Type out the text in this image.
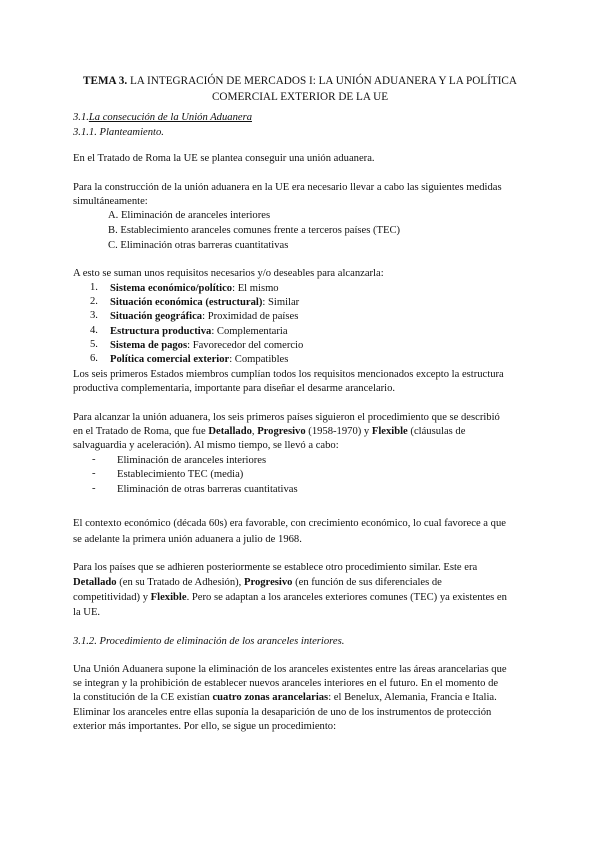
TEMA 3. LA INTEGRACIÓN DE MERCADOS I: LA UNIÓN ADUANERA Y LA POLÍTICA
COMERCIAL EXTERIOR DE LA UE
3.1.La consecución de la Unión Aduanera
3.1.1. Planteamiento.
En el Tratado de Roma la UE se plantea conseguir una unión aduanera.
Para la construcción de la unión aduanera en la UE era necesario llevar a cabo las siguientes medidas
simultáneamente:
A. Eliminación de aranceles interiores
B. Establecimiento aranceles comunes frente a terceros países (TEC)
C. Eliminación otras barreras cuantitativas
A esto se suman unos requisitos necesarios y/o deseables para alcanzarla:
1. Sistema económico/político: El mismo
2. Situación económica (estructural): Similar
3. Situación geográfica: Proximidad de países
4. Estructura productiva: Complementaria
5. Sistema de pagos: Favorecedor del comercio
6. Política comercial exterior: Compatibles
Los seis primeros Estados miembros cumplían todos los requisitos mencionados excepto la estructura
productiva complementaria, importante para diseñar el desarme arancelario.
Para alcanzar la unión aduanera, los seis primeros países siguieron el procedimiento que se describió
en el Tratado de Roma, que fue Detallado, Progresivo (1958-1970) y Flexible (cláusulas de
salvaguardia y aceleración). Al mismo tiempo, se llevó a cabo:
- Eliminación de aranceles interiores
- Establecimiento TEC (media)
- Eliminación de otras barreras cuantitativas
El contexto económico (década 60s) era favorable, con crecimiento económico, lo cual favorece a que
se adelante la primera unión aduanera a julio de 1968.
Para los países que se adhieren posteriormente se establece otro procedimiento similar. Este era
Detallado (en su Tratado de Adhesión), Progresivo (en función de sus diferenciales de
competitividad) y Flexible. Pero se adaptan a los aranceles exteriores comunes (TEC) ya existentes en
la UE.
3.1.2. Procedimiento de eliminación de los aranceles interiores.
Una Unión Aduanera supone la eliminación de los aranceles existentes entre las áreas arancelarias que
se integran y la prohibición de establecer nuevos aranceles interiores en el futuro. En el momento de
la constitución de la CE existían cuatro zonas arancelarias: el Benelux, Alemania, Francia e Italia.
Eliminar los aranceles entre ellas suponía la desaparición de uno de los instrumentos de protección
exterior más importantes. Por ello, se sigue un procedimiento:
